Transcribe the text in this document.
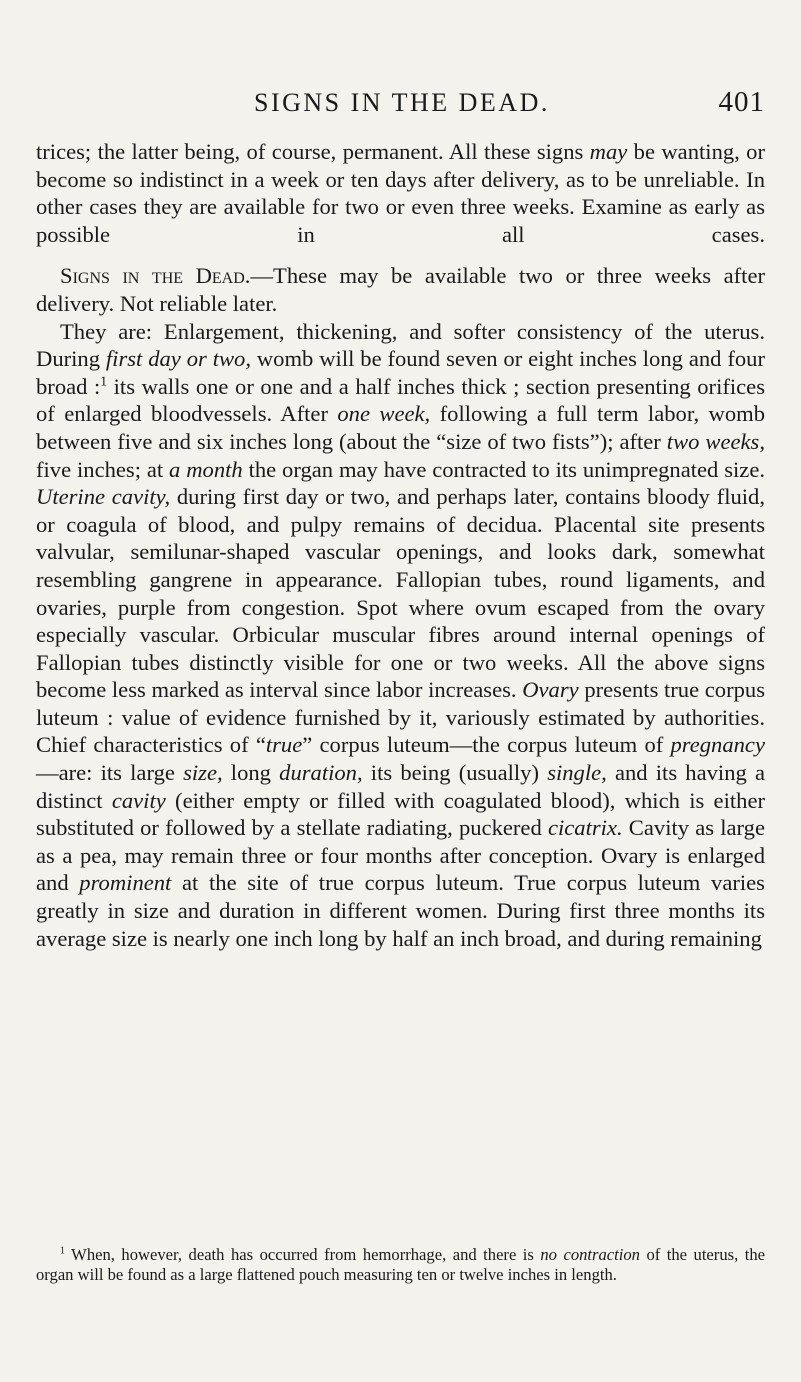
SIGNS IN THE DEAD.	401

trices; the latter being, of course, permanent. All these signs may be wanting, or become so indistinct in a week or ten days after delivery, as to be unreliable. In other cases they are available for two or even three weeks. Examine as early as possible in all cases.

Signs in the Dead.—These may be available two or three weeks after delivery. Not reliable later.

They are: Enlargement, thickening, and softer consistency of the uterus. During first day or two, womb will be found seven or eight inches long and four broad :$^1$ its walls one or one and a half inches thick ; section presenting orifices of enlarged bloodvessels. After one week, following a full term labor, womb between five and six inches long (about the “size of two fists”); after two weeks, five inches; at a month the organ may have contracted to its unimpregnated size. Uterine cavity, during first day or two, and perhaps later, contains bloody fluid, or coagula of blood, and pulpy remains of decidua. Placental site presents valvular, semilunar-shaped vascular openings, and looks dark, somewhat resembling gangrene in appearance. Fallopian tubes, round ligaments, and ovaries, purple from congestion. Spot where ovum escaped from the ovary especially vascular. Orbicular muscular fibres around internal openings of Fallopian tubes distinctly visible for one or two weeks. All the above signs become less marked as interval since labor increases. Ovary presents true corpus luteum : value of evidence furnished by it, variously estimated by authorities. Chief characteristics of “true” corpus luteum—the corpus luteum of pregnancy—are: its large size, long duration, its being (usually) single, and its having a distinct cavity (either empty or filled with coagulated blood), which is either substituted or followed by a stellate radiating, puckered cicatrix. Cavity as large as a pea, may remain three or four months after conception. Ovary is enlarged and prominent at the site of true corpus luteum. True corpus luteum varies greatly in size and duration in different women. During first three months its average size is nearly one inch long by half an inch broad, and during remaining

$^1$ When, however, death has occurred from hemorrhage, and there is no contraction of the uterus, the organ will be found as a large flattened pouch measuring ten or twelve inches in length.
